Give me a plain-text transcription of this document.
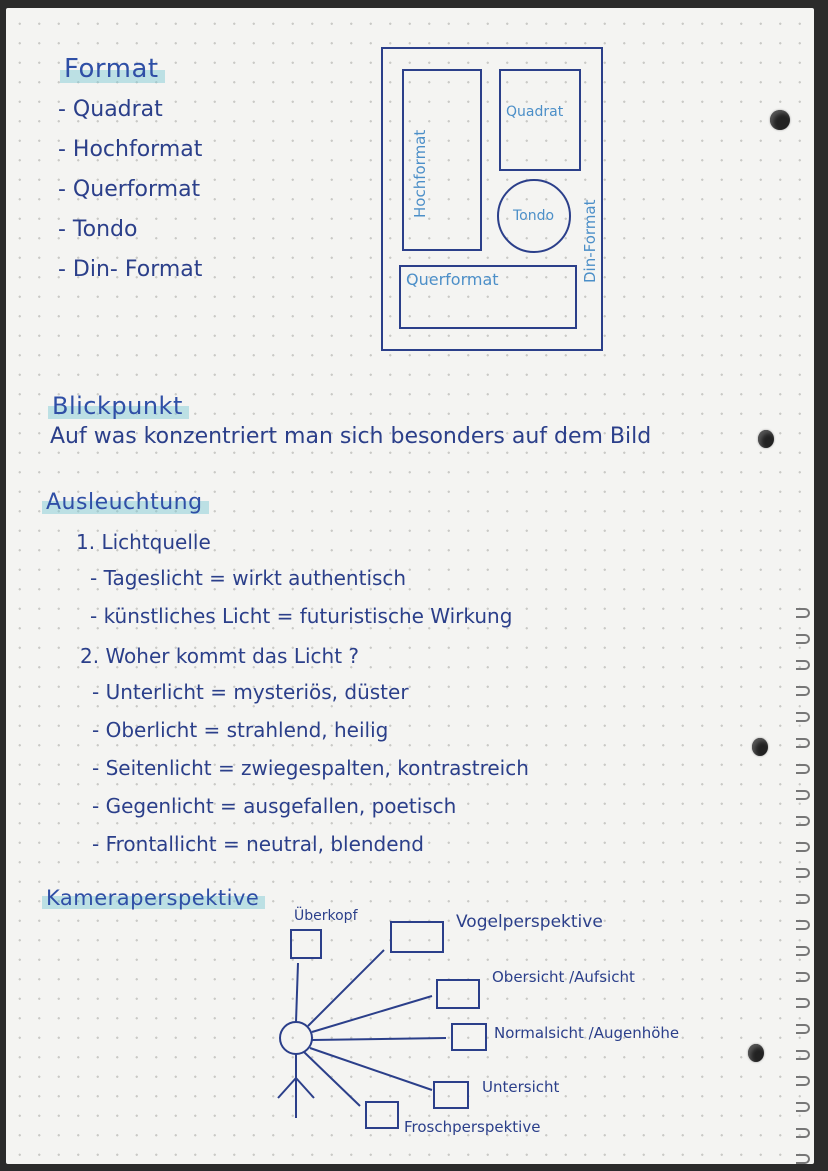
Format
- Quadrat
- Hochformat
- Querformat
- Tondo
- Din- Format
Quadrat
Hochformat	Tondo
Querformat	Din-Format
Blickpunkt
Auf was konzentriert man sich besonders auf dem Bild
Ausleuchtung
1. Lichtquelle
- Tageslicht = wirkt authentisch
- künstliches Licht = futuristische Wirkung
2. Woher kommt das Licht ?
- Unterlicht = mysteriös, düster
- Oberlicht = strahlend, heilig
- Seitenlicht = zwiegespalten, kontrastreich
- Gegenlicht = ausgefallen, poetisch
- Frontallicht = neutral, blendend
Kameraperspektive
Überkopf	Vogelperspektive
Obersicht /Aufsicht
Normalsicht /Augenhöhe
Untersicht
Froschperspektive
